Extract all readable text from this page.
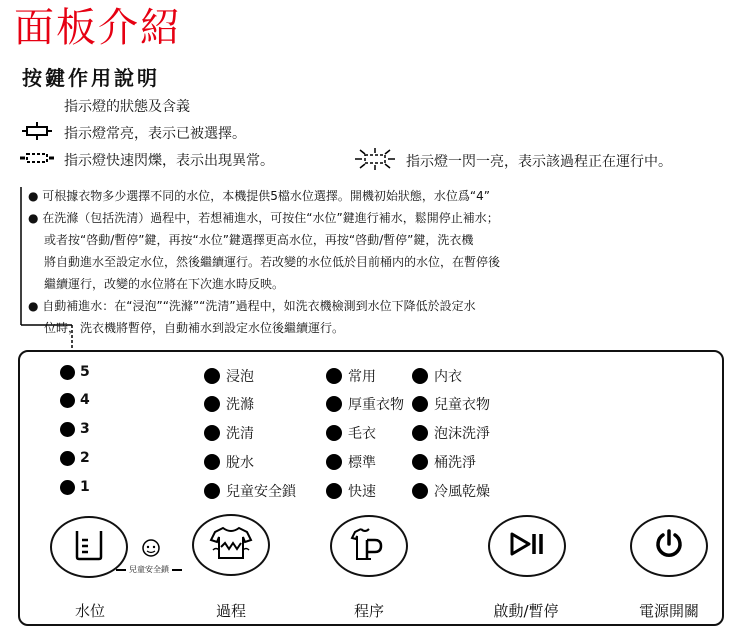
面板介紹
按鍵作用說明
指示燈的狀態及含義
指示燈常亮，表示已被選擇。
指示燈快速閃爍，表示出現異常。	指示燈一閃一亮，表示該過程正在運行中。
● 可根據衣物多少選擇不同的水位，本機提供5檔水位選擇。開機初始狀態，水位爲“4”
● 在洗滌（包括洗清）過程中，若想補進水，可按住“水位”鍵進行補水，鬆開停止補水；
或者按“啓動/暫停”鍵，再按“水位”鍵選擇更高水位，再按“啓動/暫停”鍵，洗衣機
將自動進水至設定水位，然後繼續運行。若改變的水位低於目前桶内的水位，在暫停後
繼續運行，改變的水位將在下次進水時反映。
● 自動補進水：在“浸泡”“洗滌”“洗清”過程中，如洗衣機檢測到水位下降低於設定水
位時，洗衣機將暫停，自動補水到設定水位後繼續運行。
5
4
3
2
1
浸泡
洗滌
洗清
脫水
兒童安全鎖
常用
厚重衣物
毛衣
標準
快速
内衣
兒童衣物
泡沫洗淨
桶洗淨
冷風乾燥
兒童安全鎖
水位	過程	程序	啟動/暫停	電源開關
